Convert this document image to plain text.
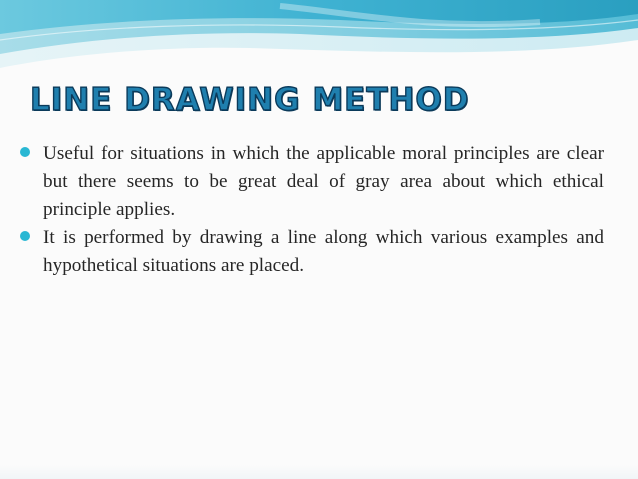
LINE DRAWING METHOD
Useful for situations in which the applicable moral principles are clear but there seems to be great deal of gray area about which ethical principle applies.
It is performed by drawing a line along which various examples and hypothetical situations are placed.
